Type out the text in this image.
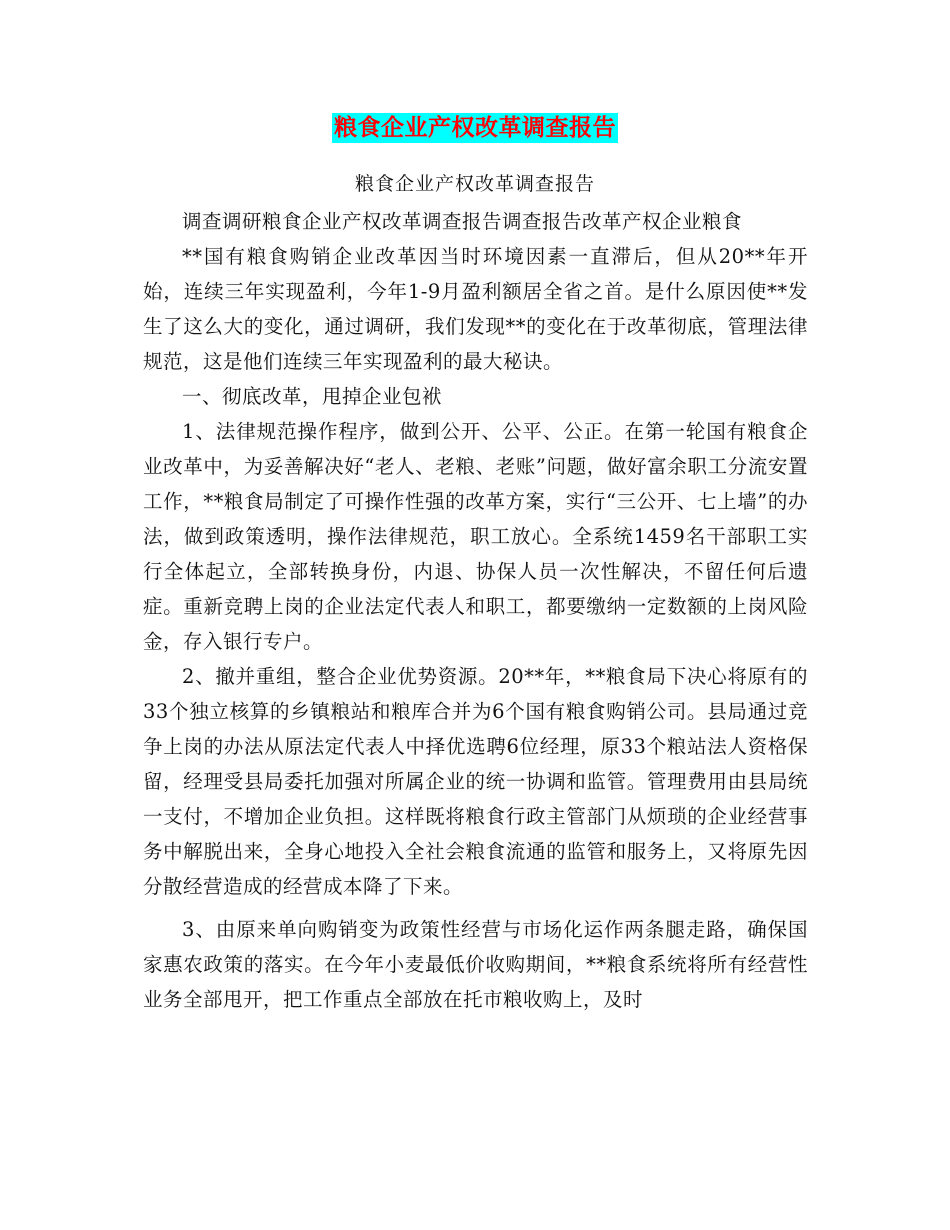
粮食企业产权改革调查报告
粮食企业产权改革调查报告

调查调研粮食企业产权改革调查报告调查报告改革产权企业粮食

**国有粮食购销企业改革因当时环境因素一直滞后，但从20**年开始，连续三年实现盈利，今年1-9月盈利额居全省之首。是什么原因使**发生了这么大的变化，通过调研，我们发现**的变化在于改革彻底，管理法律规范，这是他们连续三年实现盈利的最大秘诀。

一、彻底改革，甩掉企业包袱

1、法律规范操作程序，做到公开、公平、公正。在第一轮国有粮食企业改革中，为妥善解决好“老人、老粮、老账”问题，做好富余职工分流安置工作，**粮食局制定了可操作性强的改革方案，实行“三公开、七上墙”的办法，做到政策透明，操作法律规范，职工放心。全系统1459名干部职工实行全体起立，全部转换身份，内退、协保人员一次性解决，不留任何后遗症。重新竞聘上岗的企业法定代表人和职工，都要缴纳一定数额的上岗风险金，存入银行专户。

2、撤并重组，整合企业优势资源。20**年，**粮食局下决心将原有的33个独立核算的乡镇粮站和粮库合并为6个国有粮食购销公司。县局通过竞争上岗的办法从原法定代表人中择优选聘6位经理，原33个粮站法人资格保留，经理受县局委托加强对所属企业的统一协调和监管。管理费用由县局统一支付，不增加企业负担。这样既将粮食行政主管部门从烦琐的企业经营事务中解脱出来，全身心地投入全社会粮食流通的监管和服务上，又将原先因分散经营造成的经营成本降了下来。

3、由原来单向购销变为政策性经营与市场化运作两条腿走路，确保国家惠农政策的落实。在今年小麦最低价收购期间，**粮食系统将所有经营性业务全部甩开，把工作重点全部放在托市粮收购上，及时
